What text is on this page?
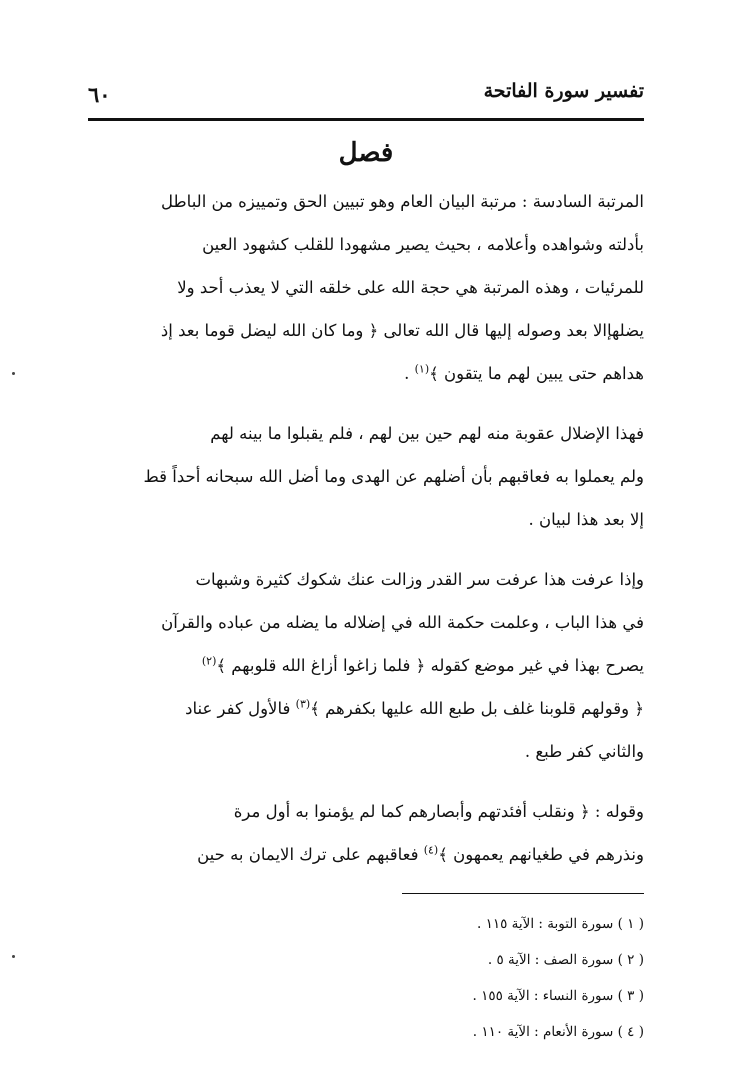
تفسير سورة الفاتحة
٦٠
فصل
المرتبة السادسة : مرتبة البيان العام وهو تبيين الحق وتمييزه من الباطل
بأدلته وشواهده وأعلامه ، بحيث يصير مشهودا للقلب كشهود العين
للمرئيات ، وهذه المرتبة هي حجة الله على خلقه التي لا يعذب أحد ولا
يضلهإالا بعد وصوله إليها قال الله تعالى ﴿ وما كان الله ليضل قوما بعد إذ
هداهم حتى يبين لهم ما يتقون ﴾$^{(١)}$ .
فهذا الإضلال عقوبة منه لهم حين بين لهم ، فلم يقبلوا ما بينه لهم
ولم يعملوا به فعاقبهم بأن أضلهم عن الهدى وما أضل الله سبحانه أحداً قط
إلا بعد هذا لبيان .
وإذا عرفت هذا عرفت سر القدر وزالت عنك شكوك كثيرة وشبهات
في هذا الباب ، وعلمت حكمة الله في إضلاله ما يضله من عباده والقرآن
يصرح بهذا في غير موضع كقوله ﴿ فلما زاغوا أزاغ الله قلوبهم ﴾$^{(٢)}$
﴿ وقولهم قلوبنا غلف بل طبع الله عليها بكفرهم ﴾$^{(٣)}$ فالأول كفر عناد
والثاني كفر طبع .
وقوله : ﴿ ونقلب أفئدتهم وأبصارهم كما لم يؤمنوا به أول مرة
ونذرهم في طغيانهم يعمهون ﴾$^{(٤)}$ فعاقبهم على ترك الايمان به حين
( ١ ) سورة التوبة : الآية ١١٥ .
( ٢ ) سورة الصف : الآية ٥ .
( ٣ ) سورة النساء : الآية ١٥٥ .
( ٤ ) سورة الأنعام : الآية ١١٠ .
